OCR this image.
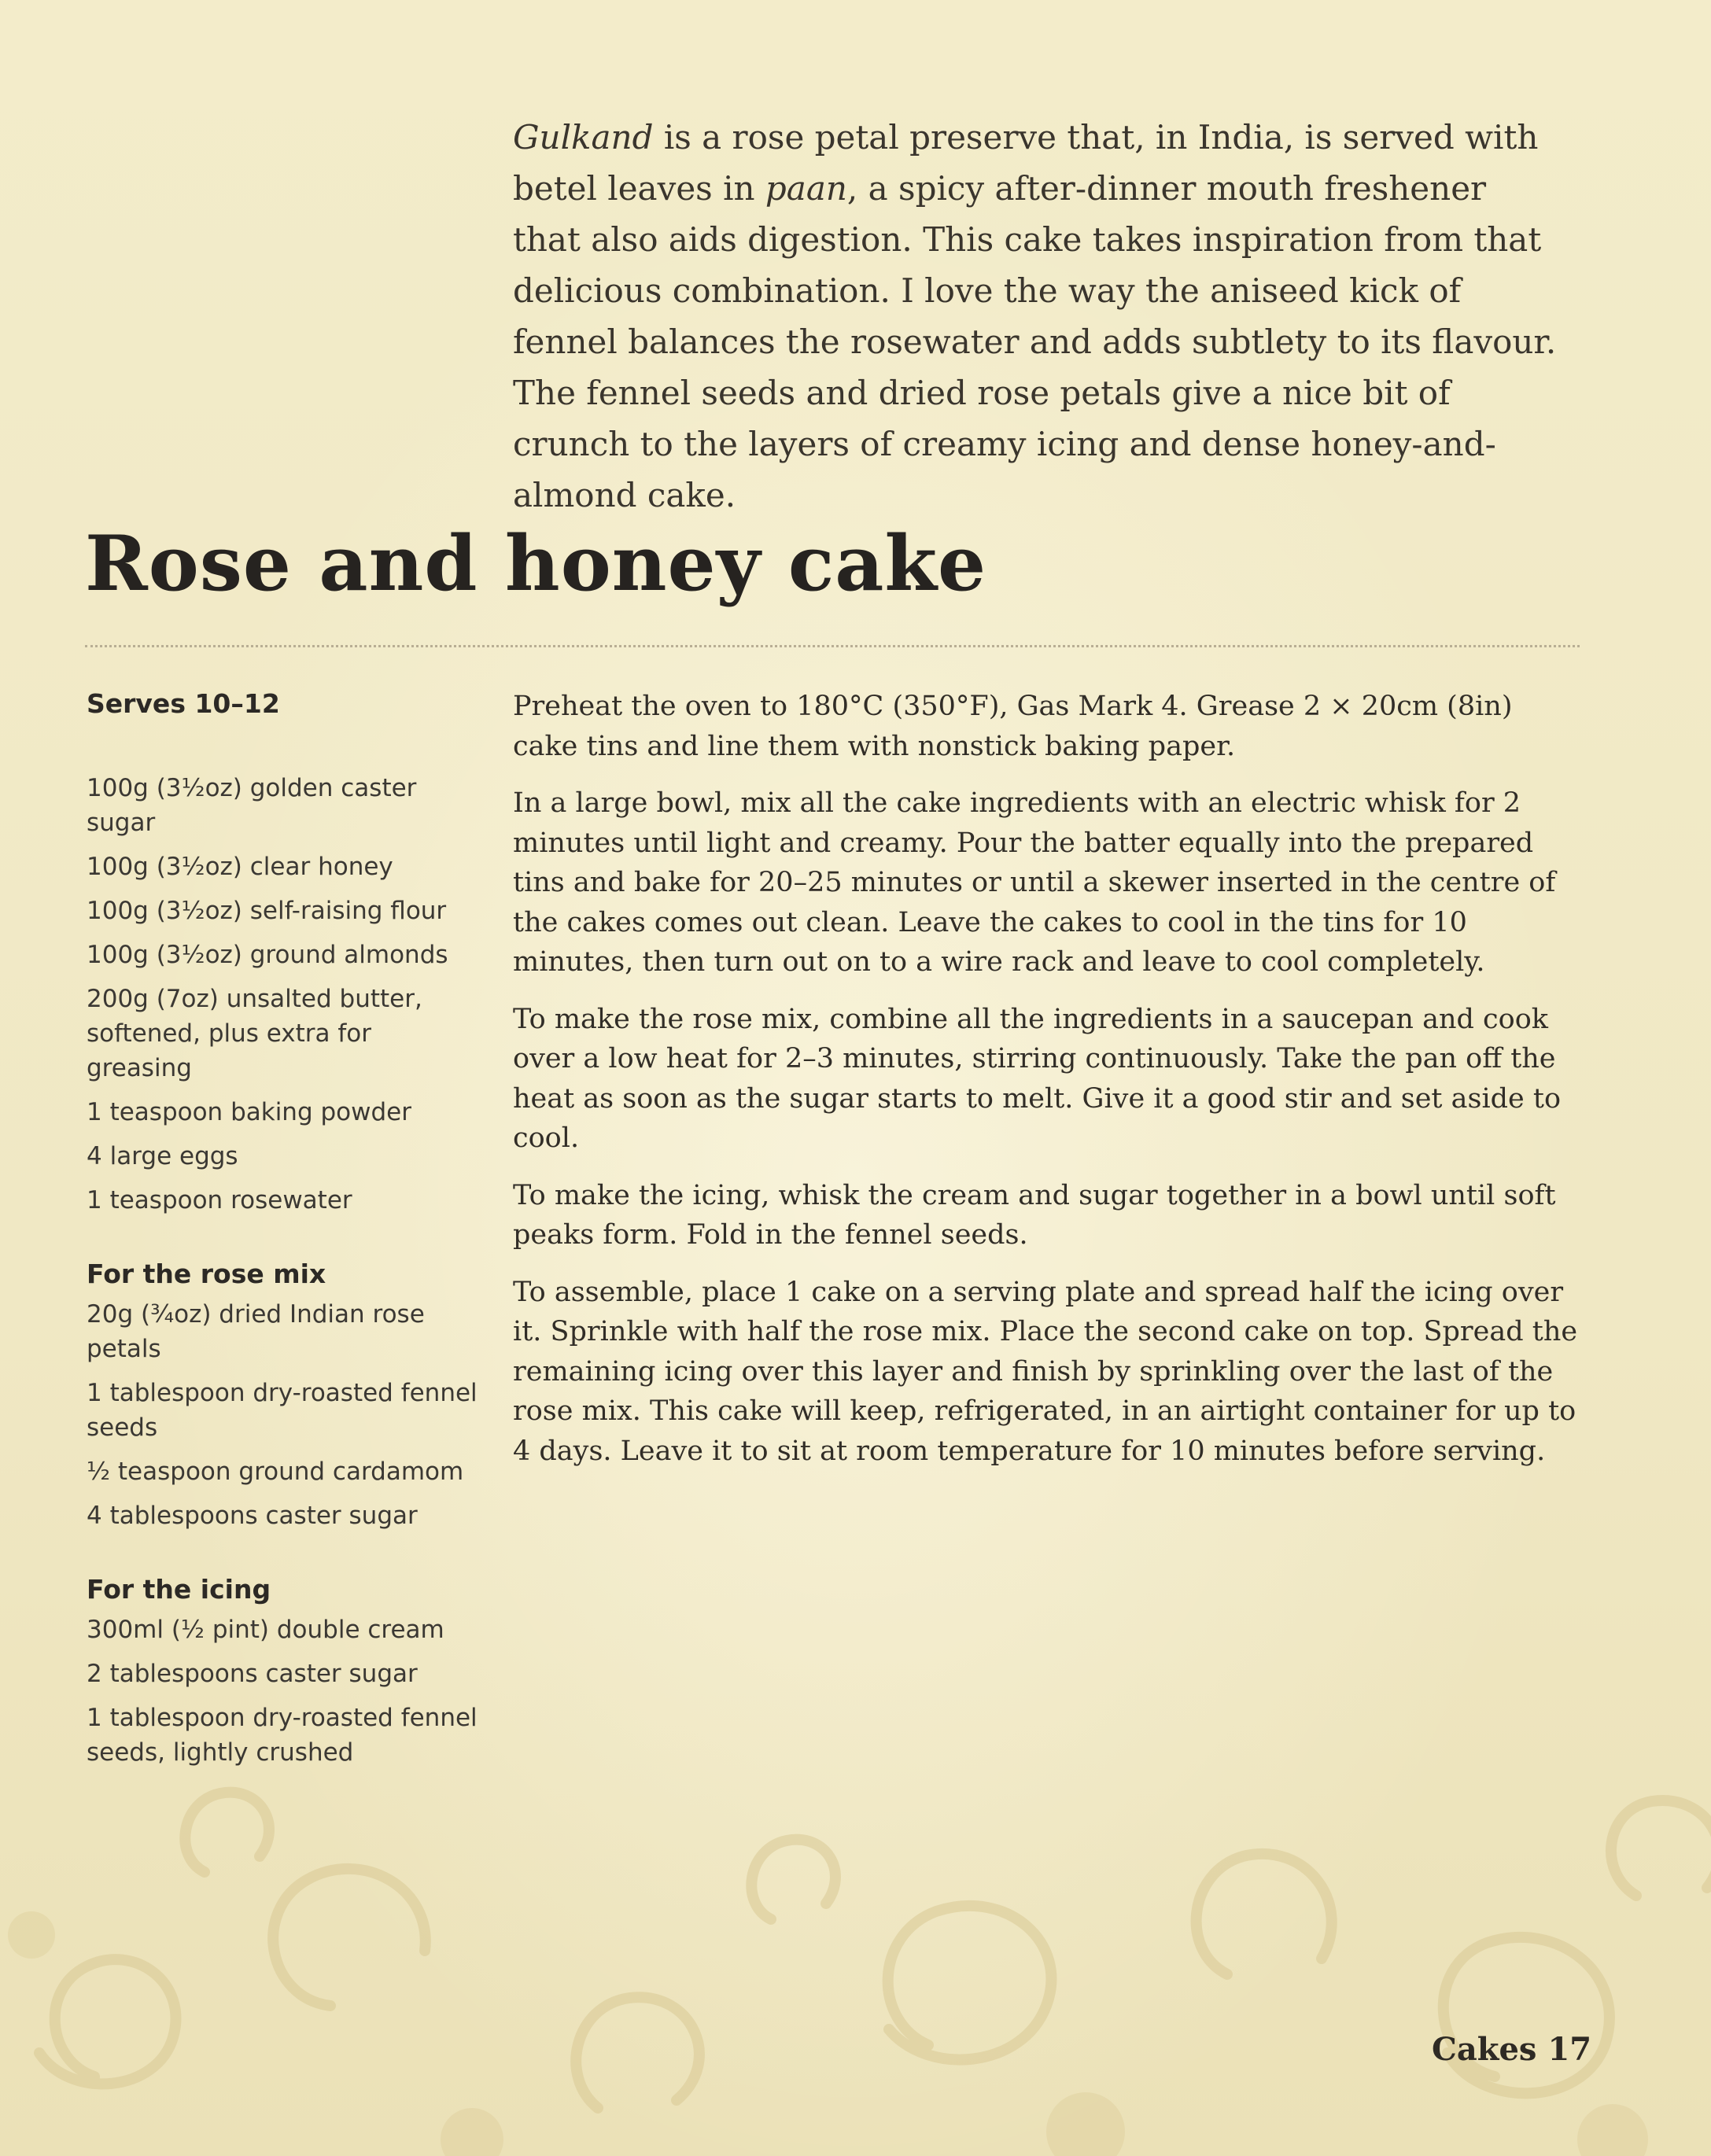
Gulkand is a rose petal preserve that, in India, is served with betel leaves in paan, a spicy after-dinner mouth freshener that also aids digestion. This cake takes inspiration from that delicious combination. I love the way the aniseed kick of fennel balances the rosewater and adds subtlety to its flavour. The fennel seeds and dried rose petals give a nice bit of crunch to the layers of creamy icing and dense honey-and-almond cake.

Rose and honey cake
Serves 10–12
100g (3½oz) golden caster sugar
100g (3½oz) clear honey
100g (3½oz) self-raising flour
100g (3½oz) ground almonds
200g (7oz) unsalted butter, softened, plus extra for greasing
1 teaspoon baking powder
4 large eggs
1 teaspoon rosewater
For the rose mix
20g (¾oz) dried Indian rose petals
1 tablespoon dry-roasted fennel seeds
½ teaspoon ground cardamom
4 tablespoons caster sugar
For the icing
300ml (½ pint) double cream
2 tablespoons caster sugar
1 tablespoon dry-roasted fennel seeds, lightly crushed

Preheat the oven to 180°C (350°F), Gas Mark 4. Grease 2 × 20cm (8in) cake tins and line them with nonstick baking paper.

In a large bowl, mix all the cake ingredients with an electric whisk for 2 minutes until light and creamy. Pour the batter equally into the prepared tins and bake for 20–25 minutes or until a skewer inserted in the centre of the cakes comes out clean. Leave the cakes to cool in the tins for 10 minutes, then turn out on to a wire rack and leave to cool completely.

To make the rose mix, combine all the ingredients in a saucepan and cook over a low heat for 2–3 minutes, stirring continuously. Take the pan off the heat as soon as the sugar starts to melt. Give it a good stir and set aside to cool.

To make the icing, whisk the cream and sugar together in a bowl until soft peaks form. Fold in the fennel seeds.

To assemble, place 1 cake on a serving plate and spread half the icing over it. Sprinkle with half the rose mix. Place the second cake on top. Spread the remaining icing over this layer and finish by sprinkling over the last of the rose mix. This cake will keep, refrigerated, in an airtight container for up to 4 days. Leave it to sit at room temperature for 10 minutes before serving.

Cakes 17
